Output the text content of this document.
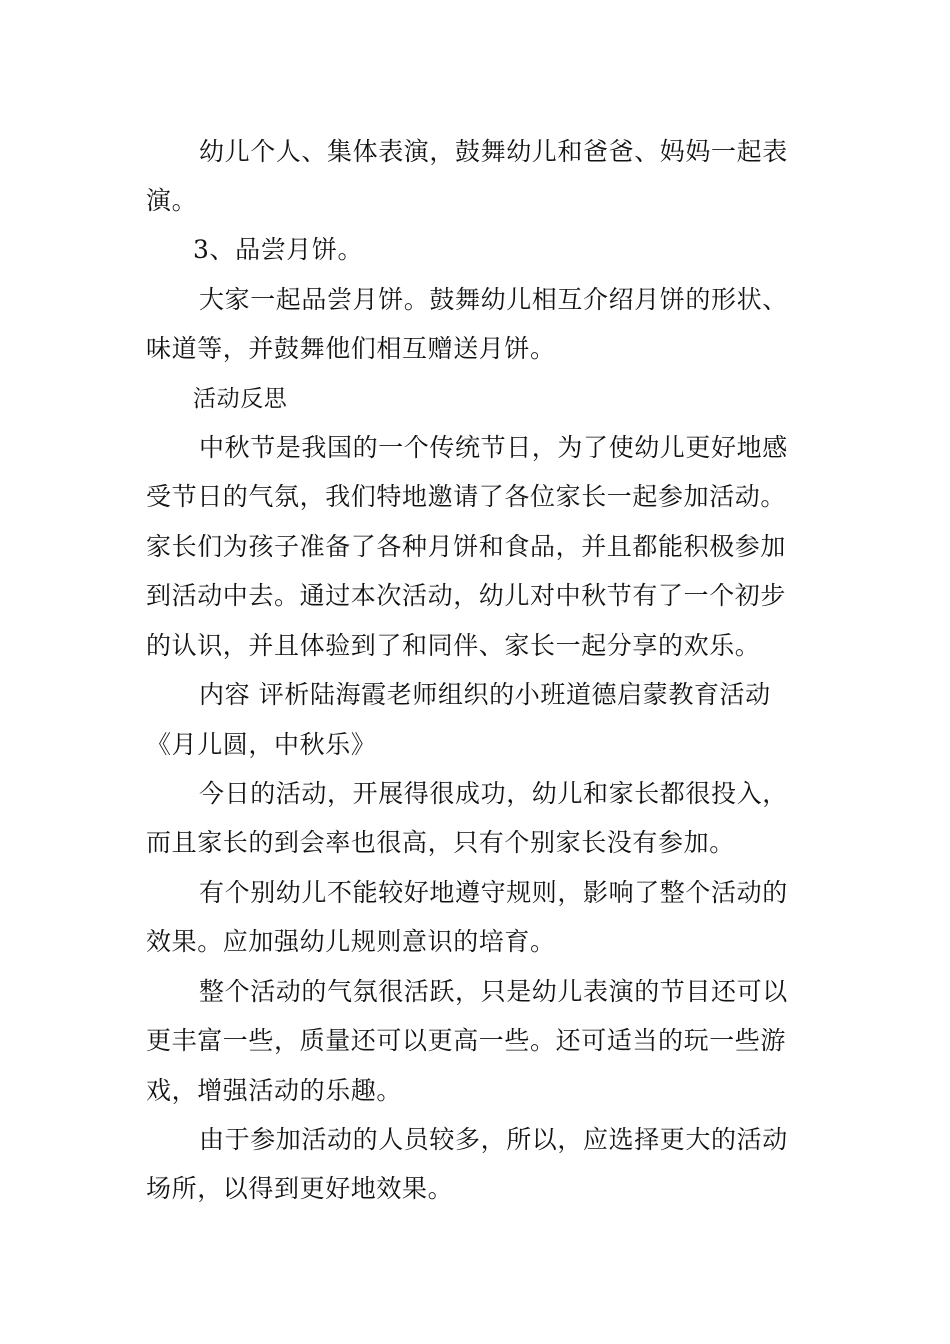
幼儿个人、集体表演，鼓舞幼儿和爸爸、妈妈一起表
演。
3、品尝月饼。
大家一起品尝月饼。鼓舞幼儿相互介绍月饼的形状、
味道等，并鼓舞他们相互赠送月饼。
活动反思
中秋节是我国的一个传统节日，为了使幼儿更好地感
受节日的气氛，我们特地邀请了各位家长一起参加活动。
家长们为孩子准备了各种月饼和食品，并且都能积极参加
到活动中去。通过本次活动，幼儿对中秋节有了一个初步
的认识，并且体验到了和同伴、家长一起分享的欢乐。
内容 评析陆海霞老师组织的小班道德启蒙教育活动
《月儿圆，中秋乐》
今日的活动，开展得很成功，幼儿和家长都很投入，
而且家长的到会率也很高，只有个别家长没有参加。
有个别幼儿不能较好地遵守规则，影响了整个活动的
效果。应加强幼儿规则意识的培育。
整个活动的气氛很活跃，只是幼儿表演的节目还可以
更丰富一些，质量还可以更高一些。还可适当的玩一些游
戏，增强活动的乐趣。
由于参加活动的人员较多，所以，应选择更大的活动
场所，以得到更好地效果。
